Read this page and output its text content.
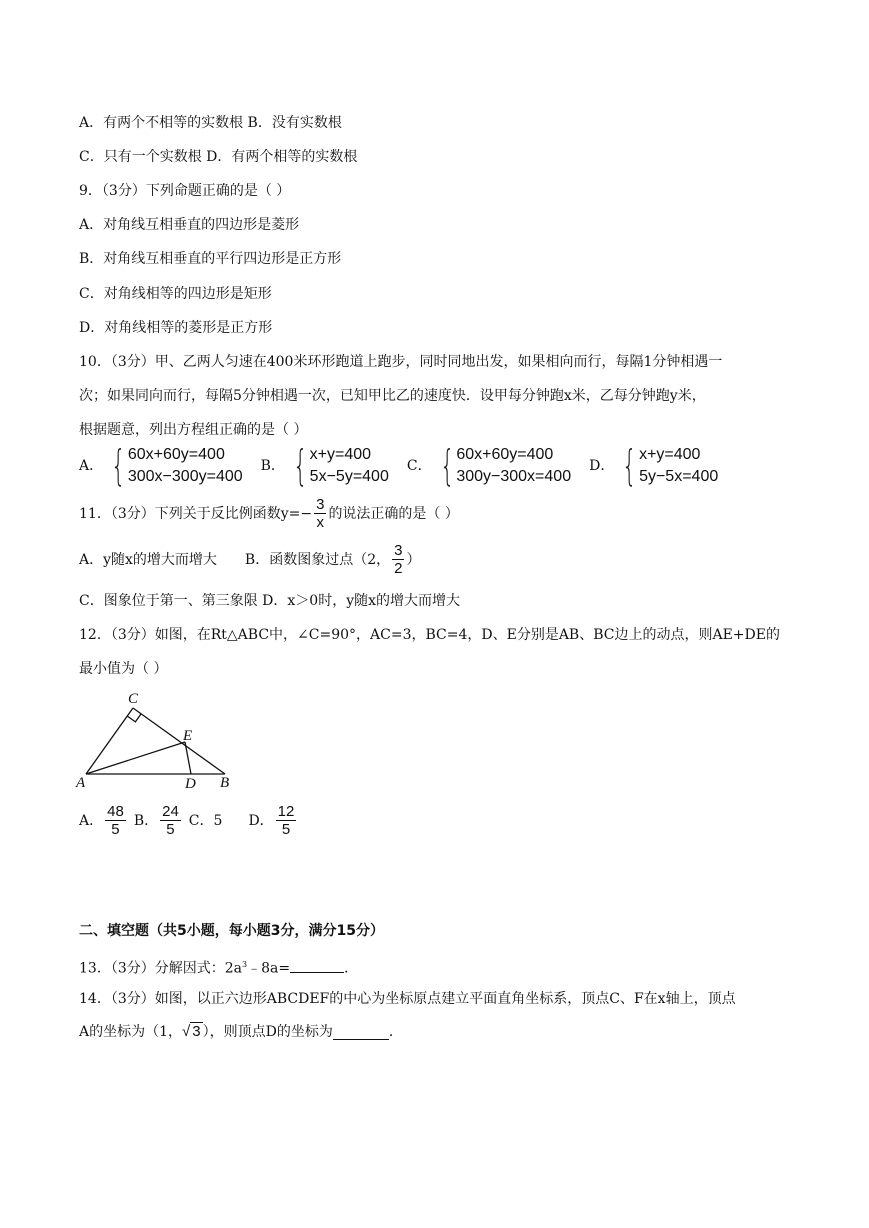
A．有两个不相等的实数根 B．没有实数根
C．只有一个实数根 D．有两个相等的实数根
9．（3分）下列命题正确的是（ ）
A．对角线互相垂直的四边形是菱形
B．对角线互相垂直的平行四边形是正方形
C．对角线相等的四边形是矩形
D．对角线相等的菱形是正方形
10．（3分）甲、乙两人匀速在400米环形跑道上跑步，同时同地出发，如果相向而行，每隔1分钟相遇一
次；如果同向而行，每隔5分钟相遇一次，已知甲比乙的速度快．设甲每分钟跑x米，乙每分钟跑y米，
根据题意，列出方程组正确的是（ ）
A． { 60x+60y=400
300x−300y=400
B． { x+y=400
5x−5y=400
C． { 60x+60y=400
300y−300x=400
D． { x+y=400
5y−5x=400
11．（3分）下列关于反比例函数$y=- \frac{3}{x}$ 的说法正确的是（ ）
A．y随x的增大而增大 B．函数图象过点（2， $\frac{3}{2}$ ）
C．图象位于第一、第三象限 D．x＞0时，y随x的增大而增大
12．（3分）如图，在Rt△ABC中，∠C=90°，AC=3，BC=4，D、E分别是AB、BC边上的动点，则AE+DE的
最小值为（ ）
C
E
A	D B
A． $\frac{48}{5}$ B． $\frac{24}{5}$ C． 5 D． $\frac{12}{5}$
二、填空题（共5小题，每小题3分，满分15分）
13．（3分）分解因式：$2a^3﹣8a=$	．
14．（3分）如图，以正六边形ABCDEF的中心为坐标原点建立平面直角坐标系，顶点C、F在x轴上，顶点
A的坐标为（1， √ 3 ），则顶点D的坐标为	．
